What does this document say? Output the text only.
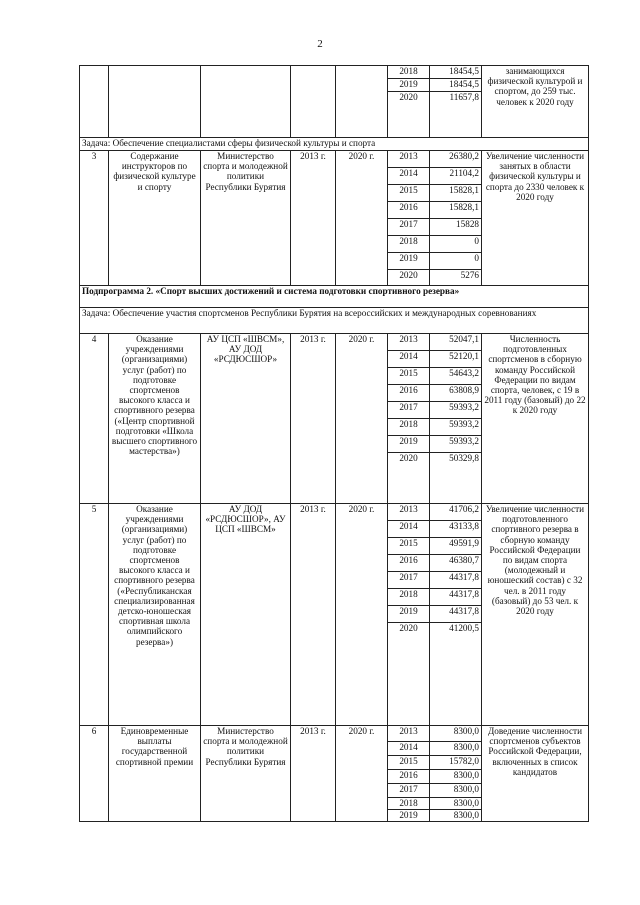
2
					2018	18454,5	занимающихся физической культурой и спортом, до 259 тыс. человек к 2020 году
					2019	18454,5	
					2020	11657,8	
Задача: Обеспечение специалистами сферы физической культуры и спорта							
3	Содержание инструкторов по физической культуре и спорту	Министерство спорта и молодежной политики Республики Бурятия	2013 г.	2020 г.	2013	26380,2	Увеличение численности занятых в области физической культуры и спорта до 2330 человек к 2020 году
					2014	21104,2	
					2015	15828,1	
					2016	15828,1	
					2017	15828	
					2018	0	
					2019	0	
					2020	5276	
Подпрограмма 2. «Спорт высших достижений и система подготовки спортивного резерва»							
Задача: Обеспечение участия спортсменов Республики Бурятия на всероссийских и международных соревнованиях							
4	Оказание учреждениями (организациями) услуг (работ) по подготовке спортсменов высокого класса и спортивного резерва («Центр спортивной подготовки «Школа высшего спортивного мастерства»)	АУ ЦСП «ШВСМ», АУ ДОД «РСДЮСШОР»	2013 г.	2020 г.	2013	52047,1	Численность подготовленных спортсменов в сборную команду Российской Федерации по видам спорта, человек, с 19 в 2011 году (базовый) до 22 к 2020 году
					2014	52120,1	
					2015	54643,2	
					2016	63808,9	
					2017	59393,2	
					2018	59393,2	
					2019	59393,2	
					2020	50329,8	
5	Оказание учреждениями (организациями) услуг (работ) по подготовке спортсменов высокого класса и спортивного резерва («Республиканская специализированная детско-юношеская спортивная школа олимпийского резерва»)	АУ ДОД «РСДЮСШОР», АУ ЦСП «ШВСМ»	2013 г.	2020 г.	2013	41706,2	Увеличение численности подготовленного спортивного резерва в сборную команду Российской Федерации по видам спорта (молодежный и юношеский состав) с 32 чел. в 2011 году (базовый) до 53 чел. к 2020 году
					2014	43133,8	
					2015	49591,9	
					2016	46380,7	
					2017	44317,8	
					2018	44317,8	
					2019	44317,8	
					2020	41200,5	
6	Единовременные выплаты государственной спортивной премии	Министерство спорта и молодежной политики Республики Бурятия	2013 г.	2020 г.	2013	8300,0	Доведение численности спортсменов субъектов Российской Федерации, включенных в список кандидатов
					2014	8300,0	
					2015	15782,0	
					2016	8300,0	
					2017	8300,0	
					2018	8300,0	
					2019	8300,0	
